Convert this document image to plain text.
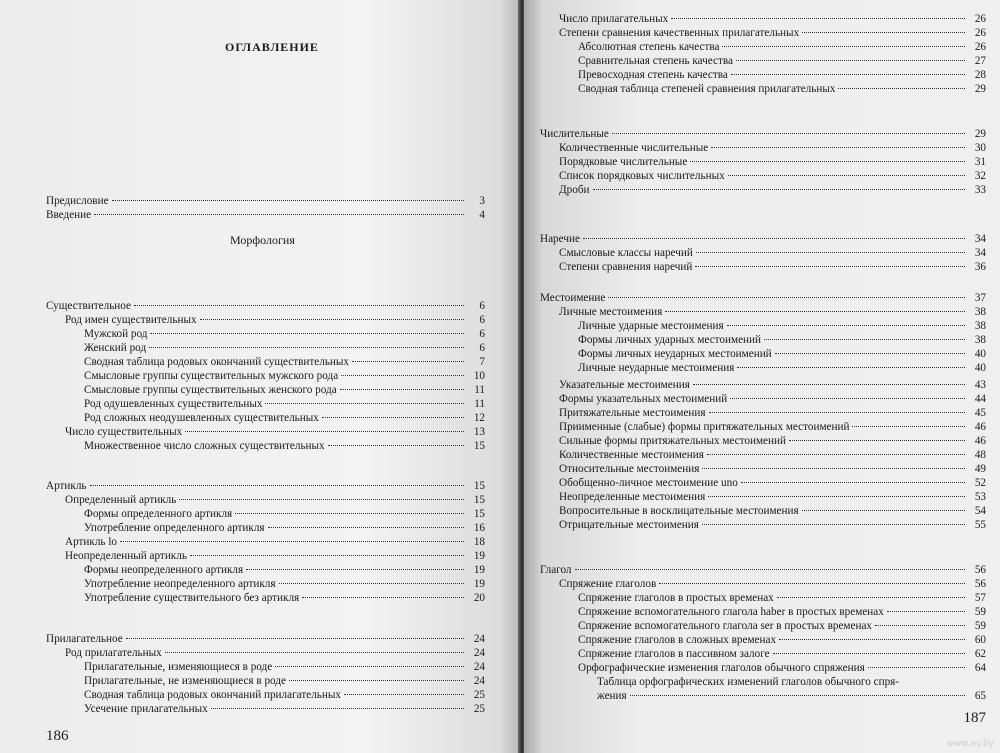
ОГЛАВЛЕНИЕ
Морфология
Предисловие	3
Введение	4
Существительное	6
Род имен существительных	6
Мужской род	6
Женский род	6
Сводная таблица родовых окончаний существительных	7
Смысловые группы существительных мужского рода	10
Смысловые группы существительных женского рода	11
Род одушевленных существительных	11
Род сложных неодушевленных существительных	12
Число существительных	13
Множественное число сложных существительных	15
Артикль	15
Определенный артикль	15
Формы определенного артикля	15
Употребление определенного артикля	16
Артикль lo	18
Неопределенный артикль	19
Формы неопределенного артикля	19
Употребление неопределенного артикля	19
Употребление существительного без артикля	20
Прилагательное	24
Род прилагательных	24
Прилагательные, изменяющиеся в роде	24
Прилагательные, не изменяющиеся в роде	24
Сводная таблица родовых окончаний прилагательных	25
Усечение прилагательных	25
186
Число прилагательных	26
Степени сравнения качественных прилагательных	26
Абсолютная степень качества	26
Сравнительная степень качества	27
Превосходная степень качества	28
Сводная таблица степеней сравнения прилагательных	29
Числительные	29
Количественные числительные	30
Порядковые числительные	31
Список порядковых числительных	32
Дроби	33
Наречие	34
Смысловые классы наречий	34
Степени сравнения наречий	36
Местоимение	37
Личные местоимения	38
Личные ударные местоимения	38
Формы личных ударных местоимений	38
Формы личных неударных местоимений	40
Личные неударные местоимения	40
Указательные местоимения	43
Формы указательных местоимений	44
Притяжательные местоимения	45
Приименные (слабые) формы притяжательных местоимений	46
Сильные формы притяжательных местоимений	46
Количественные местоимения	48
Относительные местоимения	49
Обобщенно-личное местоимение uno	52
Неопределенные местоимения	53
Вопросительные в восклицательные местоимения	54
Отрицательные местоимения	55
Глагол	56
Спряжение глаголов	56
Спряжение глаголов в простых временах	57
Спряжение вспомогательного глагола haber в простых временах	59
Спряжение вспомогательного глагола ser в простых временах	59
Спряжение глаголов в сложных временах	60
Спряжение глаголов в пассивном залоге	62
Орфографические изменения глаголов обычного спряжения	64
Таблица орфографических изменений глаголов обычного спря-
жения	65
187
www.ay.by
